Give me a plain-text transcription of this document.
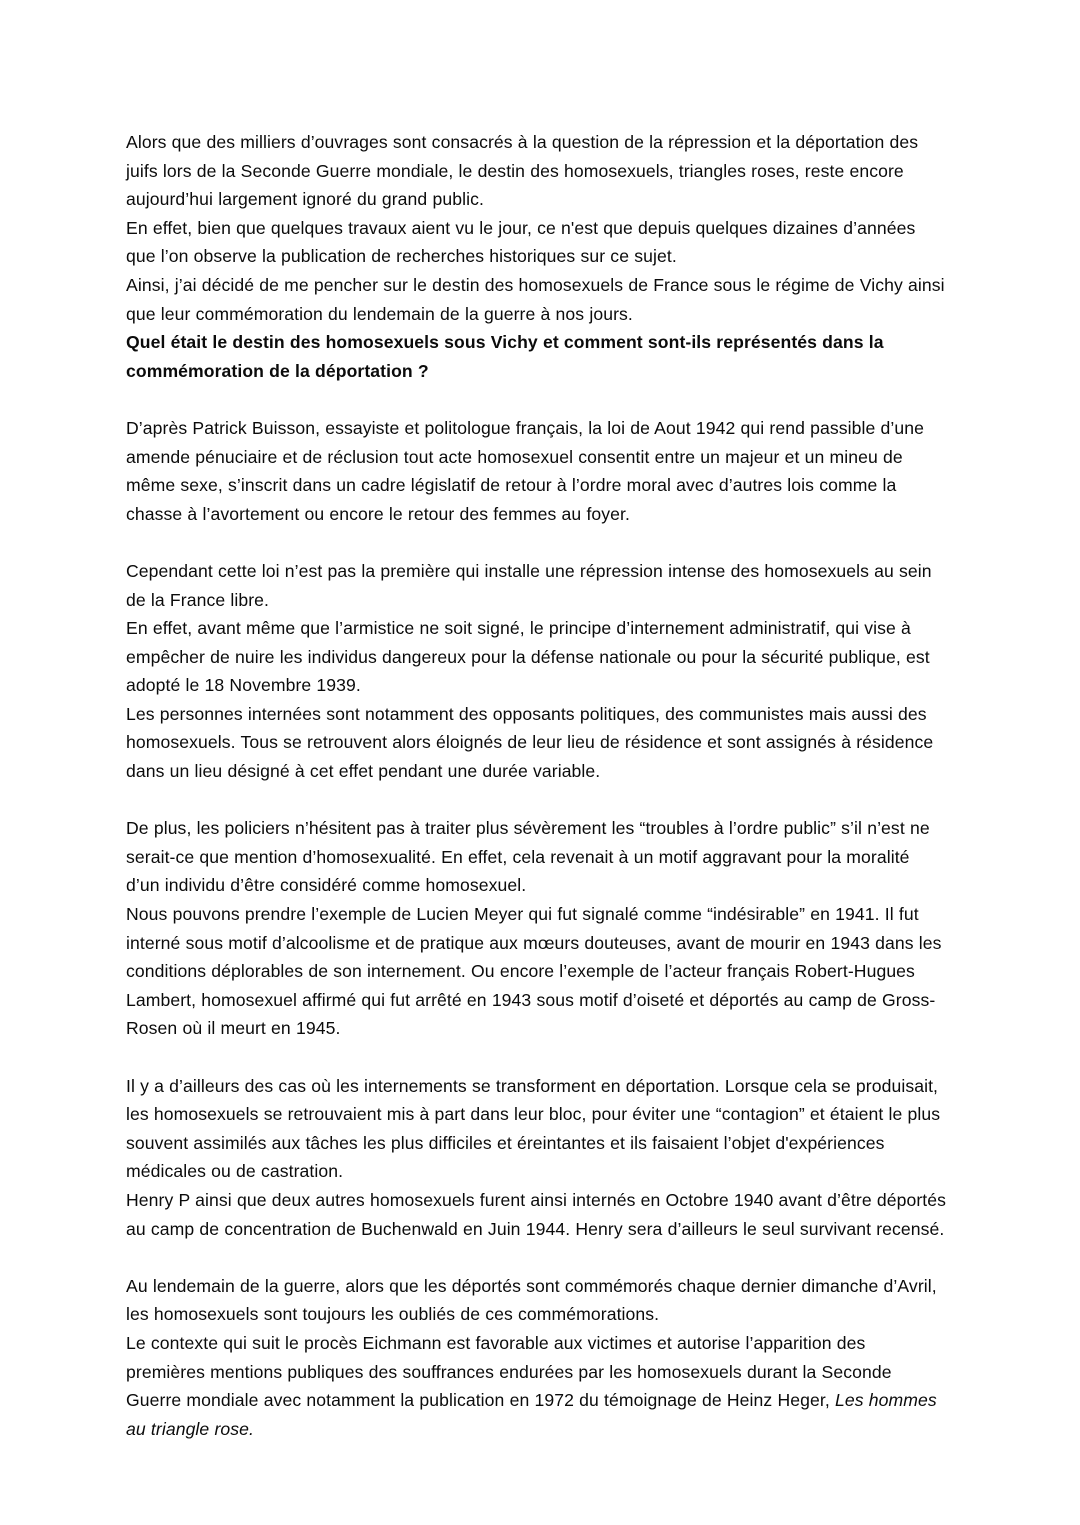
Alors que des milliers d’ouvrages sont consacrés à la question de la répression et la déportation des juifs lors de la Seconde Guerre mondiale, le destin des homosexuels, triangles roses, reste encore aujourd’hui largement ignoré du grand public.

En effet, bien que quelques travaux aient vu le jour, ce n'est que depuis quelques dizaines d’années que l’on observe la publication de recherches historiques sur ce sujet.

Ainsi, j’ai décidé de me pencher sur le destin des homosexuels de France sous le régime de Vichy ainsi que leur commémoration du lendemain de la guerre à nos jours.

Quel était le destin des homosexuels sous Vichy et comment sont-ils représentés dans la commémoration de la déportation ?

D’après Patrick Buisson, essayiste et politologue français, la loi de Aout 1942 qui rend passible d’une amende pénuciaire et de réclusion tout acte homosexuel consentit entre un majeur et un mineu de même sexe, s’inscrit dans un cadre législatif de retour à l’ordre moral avec d’autres lois comme la chasse à l’avortement ou encore le retour des femmes au foyer.

Cependant cette loi n’est pas la première qui installe une répression intense des homosexuels au sein de la France libre.

En effet, avant même que l’armistice ne soit signé, le principe d’internement administratif, qui vise à empêcher de nuire les individus dangereux pour la défense nationale ou pour la sécurité publique, est adopté le 18 Novembre 1939.

Les personnes internées sont notamment des opposants politiques, des communistes mais aussi des homosexuels. Tous se retrouvent alors éloignés de leur lieu de résidence et sont assignés à résidence dans un lieu désigné à cet effet pendant une durée variable.

De plus, les policiers n’hésitent pas à traiter plus sévèrement les “troubles à l’ordre public” s’il n’est ne serait-ce que mention d’homosexualité. En effet, cela revenait à un motif aggravant pour la moralité d’un individu d’être considéré comme homosexuel.

Nous pouvons prendre l’exemple de Lucien Meyer qui fut signalé comme “indésirable” en 1941. Il fut interné sous motif d’alcoolisme et de pratique aux mœurs douteuses, avant de mourir en 1943 dans les conditions déplorables de son internement. Ou encore l’exemple de l’acteur français Robert-Hugues Lambert, homosexuel affirmé qui fut arrêté en 1943 sous motif d’oiseté et déportés au camp de Gross-Rosen où il meurt en 1945.

Il y a d’ailleurs des cas où les internements se transforment en déportation. Lorsque cela se produisait, les homosexuels se retrouvaient mis à part dans leur bloc, pour éviter une “contagion” et étaient le plus souvent assimilés aux tâches les plus difficiles et éreintantes et ils faisaient l’objet d'expériences médicales ou de castration.

Henry P ainsi que deux autres homosexuels furent ainsi internés en Octobre 1940 avant d’être déportés au camp de concentration de Buchenwald en Juin 1944. Henry sera d’ailleurs le seul survivant recensé.

Au lendemain de la guerre, alors que les déportés sont commémorés chaque dernier dimanche d’Avril, les homosexuels sont toujours les oubliés de ces commémorations.

Le contexte qui suit le procès Eichmann est favorable aux victimes et autorise l’apparition des premières mentions publiques des souffrances endurées par les homosexuels durant la Seconde Guerre mondiale avec notamment la publication en 1972 du témoignage de Heinz Heger, Les hommes au triangle rose.
